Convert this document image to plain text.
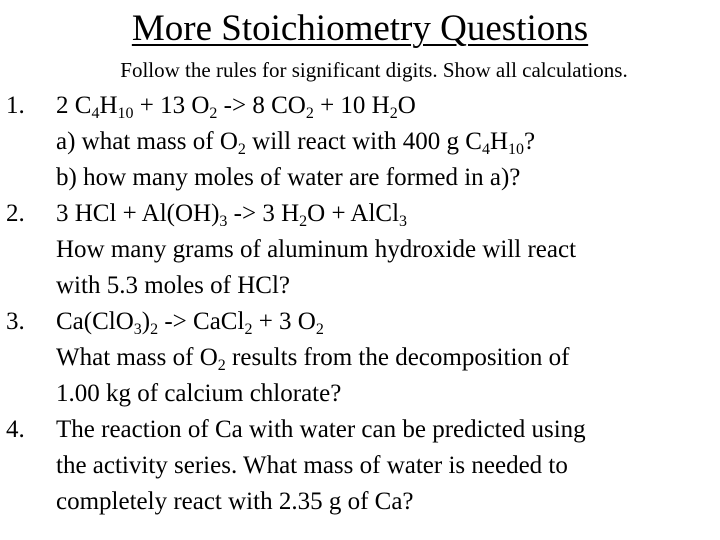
More Stoichiometry Questions
Follow the rules for significant digits. Show all calculations.
1.	2 $C_4H_{10} + 13$ $O_2 -> 8$ $CO_2 + 10$ $H_2O$
a) what mass of $O_2$ will react with 400 g $C_4H_{10}$?
b) how many moles of water are formed in a)?
2.	3 HCl + $Al(OH)_3 -> 3$ $H_2O$ + AlCl$_3$
How many grams of aluminum hydroxide will react
with 5.3 moles of HCl?
3.	$Ca(ClO_3)_2$ -> CaCl$_2$ + 3 $O_2$
What mass of $O_2$ results from the decomposition of
1.00 kg of calcium chlorate?
4.	The reaction of Ca with water can be predicted using
the activity series. What mass of water is needed to
completely react with 2.35 g of Ca?
